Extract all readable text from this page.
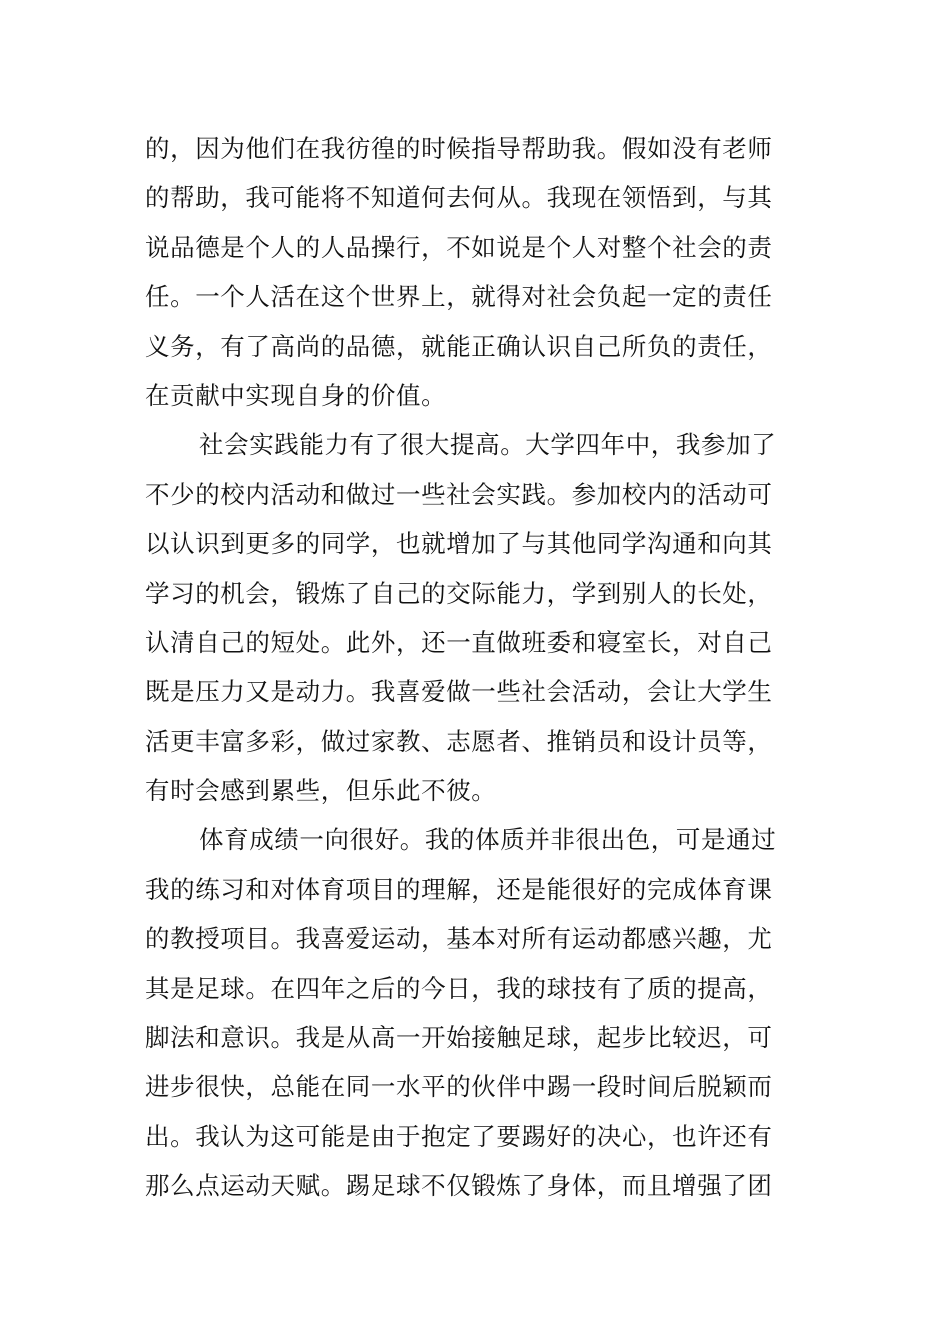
的，因为他们在我彷徨的时候指导帮助我。假如没有老师
的帮助，我可能将不知道何去何从。我现在领悟到，与其
说品德是个人的人品操行，不如说是个人对整个社会的责
任。一个人活在这个世界上，就得对社会负起一定的责任
义务，有了高尚的品德，就能正确认识自己所负的责任，
在贡献中实现自身的价值。
社会实践能力有了很大提高。大学四年中，我参加了
不少的校内活动和做过一些社会实践。参加校内的活动可
以认识到更多的同学，也就增加了与其他同学沟通和向其
学习的机会，锻炼了自己的交际能力，学到别人的长处，
认清自己的短处。此外，还一直做班委和寝室长，对自己
既是压力又是动力。我喜爱做一些社会活动，会让大学生
活更丰富多彩，做过家教、志愿者、推销员和设计员等，
有时会感到累些，但乐此不彼。
体育成绩一向很好。我的体质并非很出色，可是通过
我的练习和对体育项目的理解，还是能很好的完成体育课
的教授项目。我喜爱运动，基本对所有运动都感兴趣，尤
其是足球。在四年之后的今日，我的球技有了质的提高，
脚法和意识。我是从高一开始接触足球，起步比较迟，可
进步很快，总能在同一水平的伙伴中踢一段时间后脱颖而
出。我认为这可能是由于抱定了要踢好的决心，也许还有
那么点运动天赋。踢足球不仅锻炼了身体，而且增强了团
